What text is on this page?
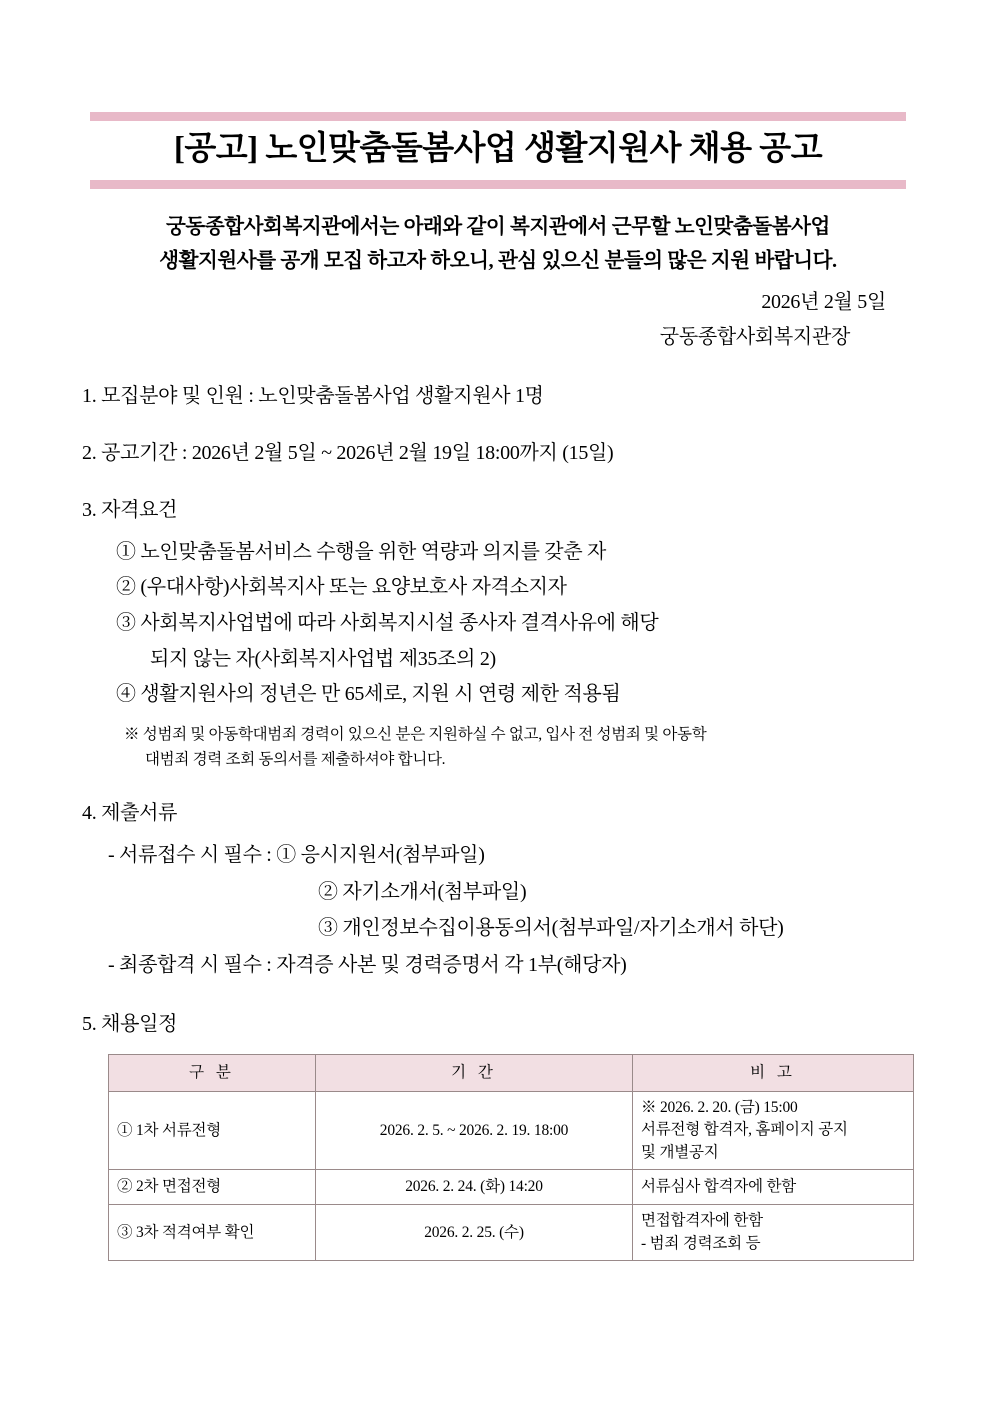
[공고] 노인맞춤돌봄사업 생활지원사 채용 공고
궁동종합사회복지관에서는 아래와 같이 복지관에서 근무할 노인맞춤돌봄사업
생활지원사를 공개 모집 하고자 하오니, 관심 있으신 분들의 많은 지원 바랍니다.
2026년 2월 5일
궁동종합사회복지관장
1. 모집분야 및 인원 : 노인맞춤돌봄사업 생활지원사 1명
2. 공고기간 : 2026년 2월 5일 ~ 2026년 2월 19일 18:00까지 (15일)
3. 자격요건
① 노인맞춤돌봄서비스 수행을 위한 역량과 의지를 갖춘 자
② (우대사항)사회복지사 또는 요양보호사 자격소지자
③ 사회복지사업법에 따라 사회복지시설 종사자 결격사유에 해당
되지 않는 자(사회복지사업법 제35조의 2)
④ 생활지원사의 정년은 만 65세로, 지원 시 연령 제한 적용됨
※ 성범죄 및 아동학대범죄 경력이 있으신 분은 지원하실 수 없고, 입사 전 성범죄 및 아동학
대범죄 경력 조회 동의서를 제출하셔야 합니다.
4. 제출서류
- 서류접수 시 필수 : ① 응시지원서(첨부파일)
② 자기소개서(첨부파일)
③ 개인정보수집이용동의서(첨부파일/자기소개서 하단)
- 최종합격 시 필수 : 자격증 사본 및 경력증명서 각 1부(해당자)
5. 채용일정
구 분	기 간	비 고
① 1차 서류전형	2026. 2. 5. ~ 2026. 2. 19. 18:00	※ 2026. 2. 20. (금) 15:00
서류전형 합격자, 홈페이지 공지
및 개별공지

② 2차 면접전형	2026. 2. 24. (화) 14:20	서류심사 합격자에 한함

③ 3차 적격여부 확인	2026. 2. 25. (수)	면접합격자에 한함
- 범죄 경력조회 등
